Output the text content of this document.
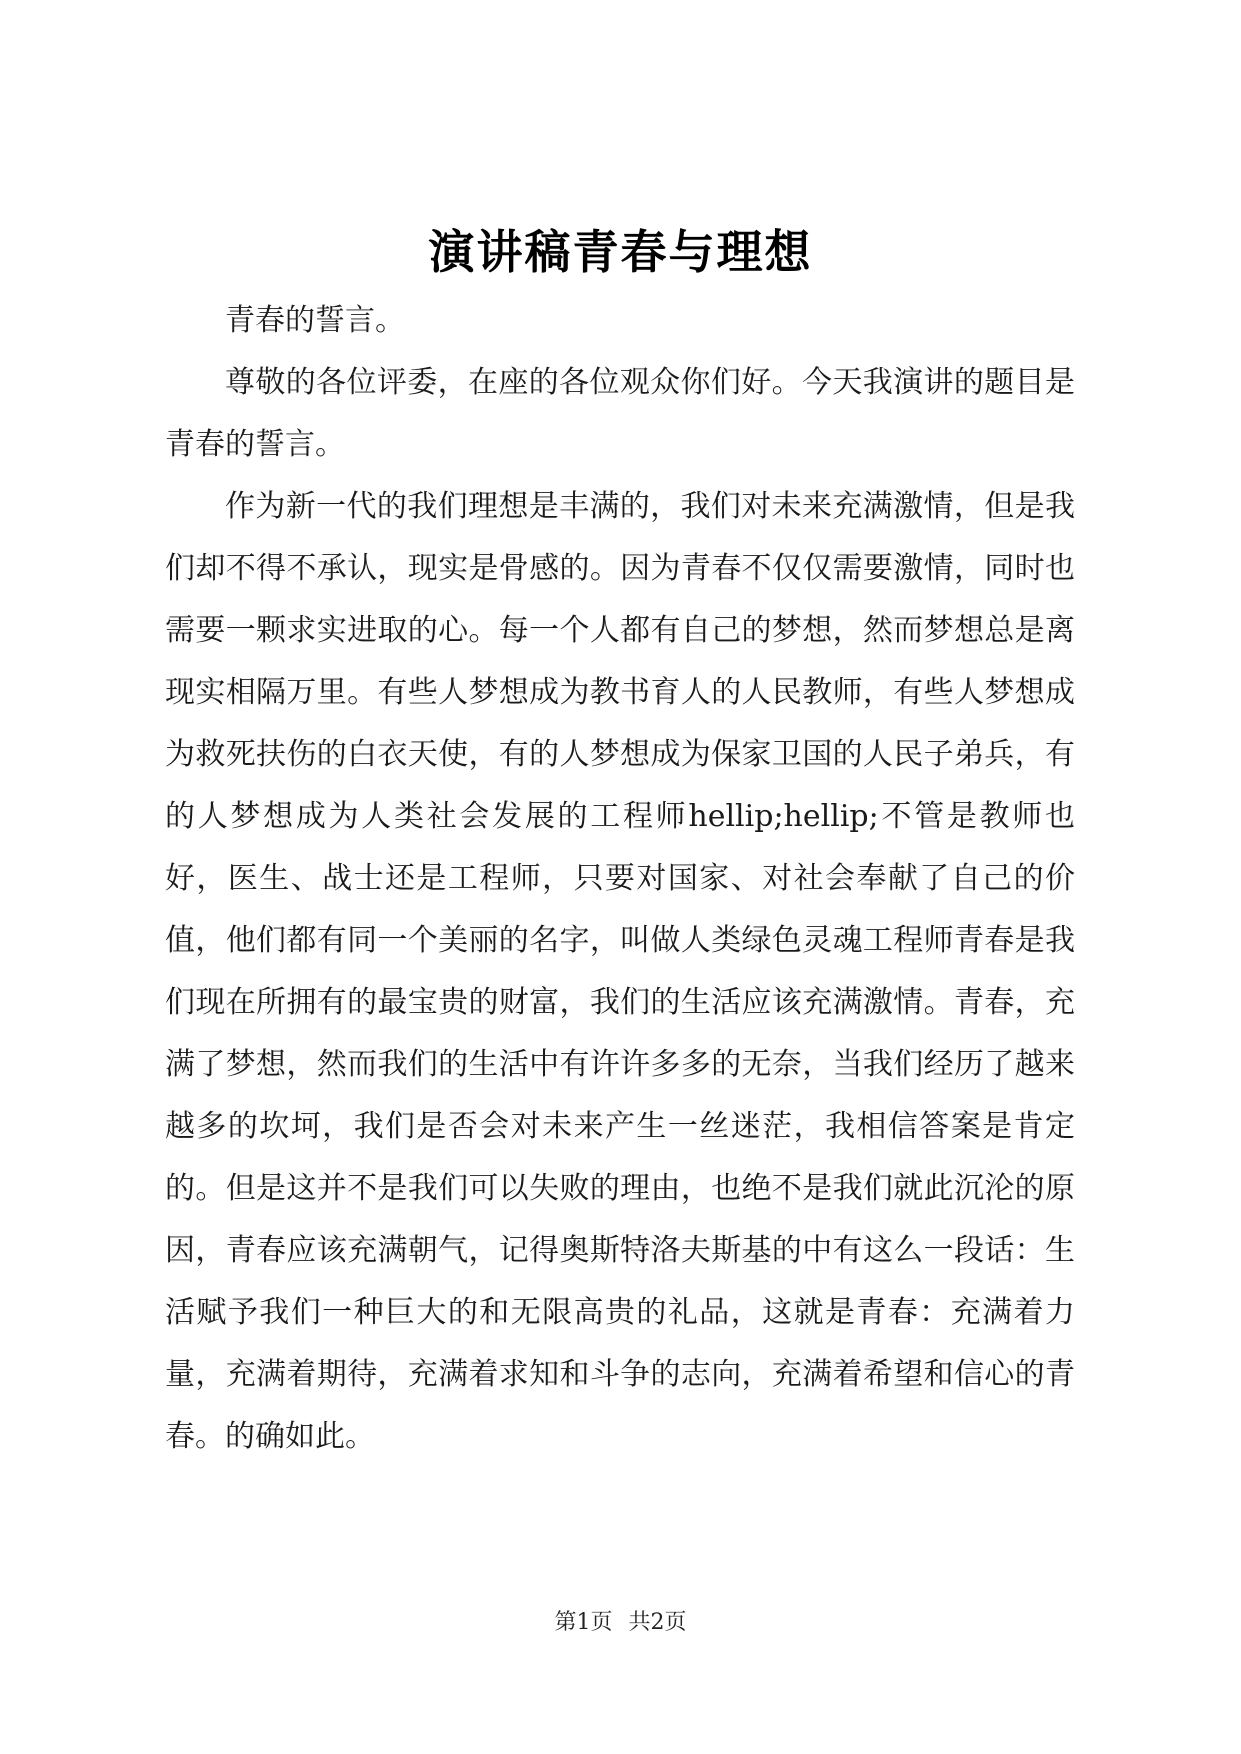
演讲稿青春与理想

青春的誓言。

尊敬的各位评委，在座的各位观众你们好。今天我演讲的题目是青春的誓言。

作为新一代的我们理想是丰满的，我们对未来充满激情，但是我们却不得不承认，现实是骨感的。因为青春不仅仅需要激情，同时也需要一颗求实进取的心。每一个人都有自己的梦想，然而梦想总是离现实相隔万里。有些人梦想成为教书育人的人民教师，有些人梦想成为救死扶伤的白衣天使，有的人梦想成为保家卫国的人民子弟兵，有的人梦想成为人类社会发展的工程师hellip;hellip;不管是教师也好，医生、战士还是工程师，只要对国家、对社会奉献了自己的价值，他们都有同一个美丽的名字，叫做人类绿色灵魂工程师青春是我们现在所拥有的最宝贵的财富，我们的生活应该充满激情。青春，充满了梦想，然而我们的生活中有许许多多的无奈，当我们经历了越来越多的坎坷，我们是否会对未来产生一丝迷茫，我相信答案是肯定的。但是这并不是我们可以失败的理由，也绝不是我们就此沉沦的原因，青春应该充满朝气，记得奥斯特洛夫斯基的中有这么一段话：生活赋予我们一种巨大的和无限高贵的礼品，这就是青春：充满着力量，充满着期待，充满着求知和斗争的志向，充满着希望和信心的青春。的确如此。

第1页 共2页
